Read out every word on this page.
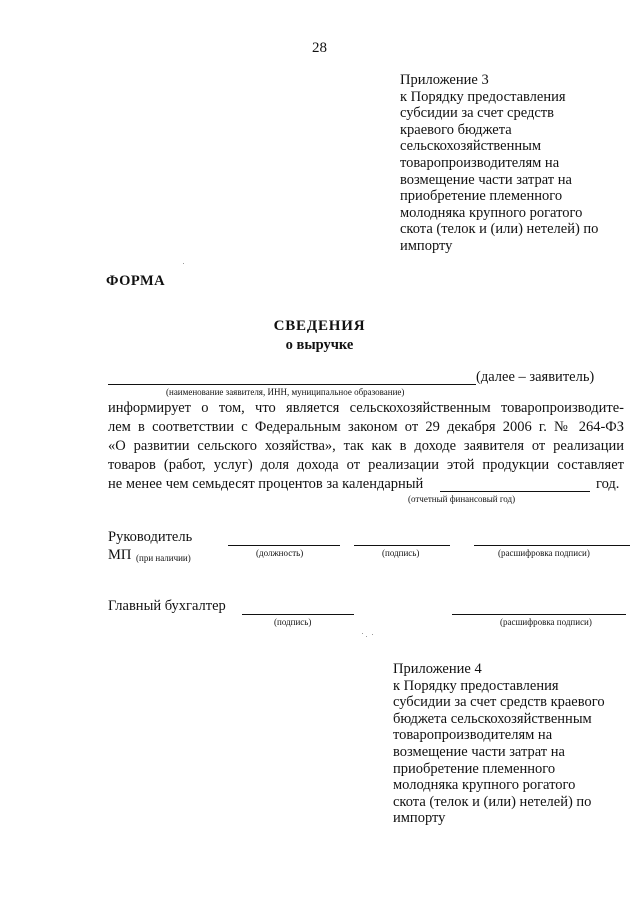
28
Приложение 3
к Порядку предоставления
субсидии за счет средств
краевого бюджета
сельскохозяйственным
товаропроизводителям на
возмещение части затрат на
приобретение племенного
молодняка крупного рогатого
скота (телок и (или) нетелей) по
импорту
ФОРМА
СВЕДЕНИЯ
о выручке
(далее – заявитель)
(наименование заявителя, ИНН, муниципальное образование)
информирует о том, что является сельскохозяйственным товаропроизводите-
лем в соответствии с Федеральным законом от 29 декабря 2006 г. № 264-ФЗ
«О развитии сельского хозяйства», так как в доходе заявителя от реализации
товаров (работ, услуг) доля дохода от реализации этой продукции составляет
не менее чем семьдесят процентов за календарный	год.
(отчетный финансовый год)
Руководитель
МП (при наличии)	(должность)	(подпись)	(расшифровка подписи)
Главный бухгалтер
(подпись)	(расшифровка подписи)
Приложение 4
к Порядку предоставления
субсидии за счет средств краевого
бюджета сельскохозяйственным
товаропроизводителям на
возмещение части затрат на
приобретение племенного
молодняка крупного рогатого
скота (телок и (или) нетелей) по
импорту
